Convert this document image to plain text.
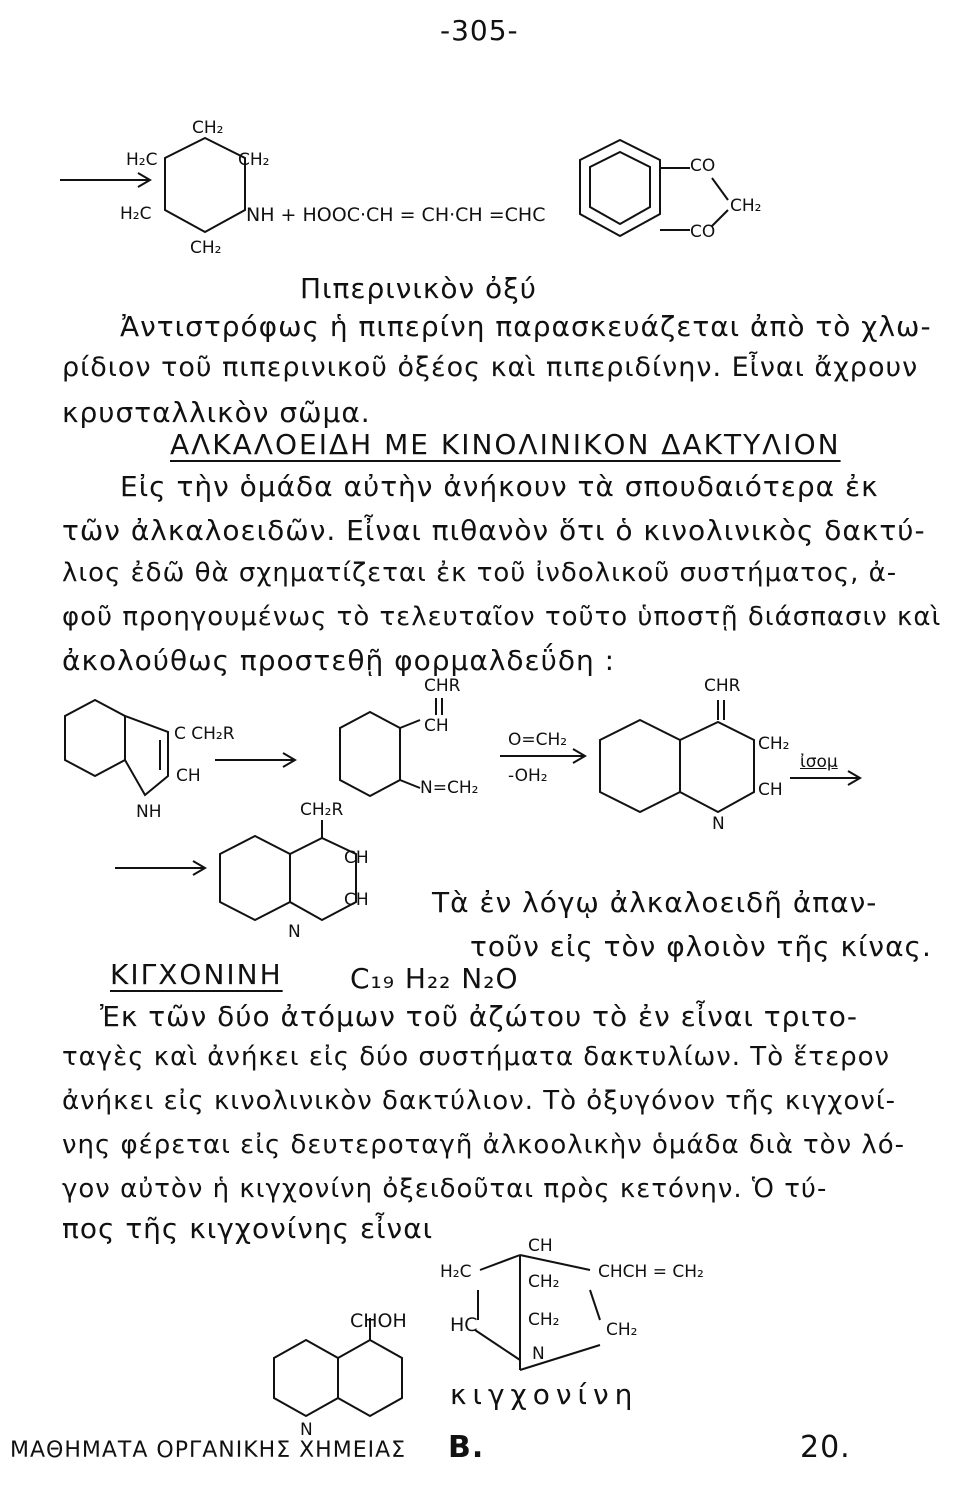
-305-
CH₂
H₂C	CH₂
H₂C
CH₂
NH + HOOC·CH = CH·CH =CHC
CO
CH₂
CO
Πιπερινικὸν ὀξύ
Ἀντιστρόφως ἡ πιπερίνη παρασκευάζεται ἀπὸ τὸ χλω-
ρίδιον τοῦ πιπερινικοῦ ὀξέος καὶ πιπεριδίνην. Εἶναι ἄχρουν
κρυσταλλικὸν σῶμα.
ΑΛΚΑΛΟΕΙΔΗ ΜΕ ΚΙΝΟΛΙΝΙΚΟΝ ΔΑΚΤΥΛΙΟΝ
Εἰς τὴν ὁμάδα αὐτὴν ἀνήκουν τὰ σπουδαιότερα ἐκ
τῶν ἀλκαλοειδῶν. Εἶναι πιθανὸν ὅτι ὁ κινολινικὸς δακτύ-
λιος ἐδῶ θὰ σχηματίζεται ἐκ τοῦ ἰνδολικοῦ συστήματος, ἀ-
φοῦ προηγουμένως τὸ τελευταῖον τοῦτο ὑποστῇ διάσπασιν καὶ
ἀκολούθως προστεθῇ φορμαλδεΰδη :
C CH₂R
CH
NH
CHR
CH
N=CH₂
O=CH₂
-OH₂
CHR
CH₂
CH
N
ἰσομ
CH₂R
CH
CH
N
Τὰ ἐν λόγῳ ἀλκαλοειδῆ ἀπαν-
τοῦν εἰς τὸν φλοιὸν τῆς κίνας.
ΚΙΓΧΟΝΙΝΗ C₁₉ H₂₂ N₂O
Ἐκ τῶν δύο ἀτόμων τοῦ ἀζώτου τὸ ἐν εἶναι τριτο-
ταγὲς καὶ ἀνήκει εἰς δύο συστήματα δακτυλίων. Τὸ ἕτερον
ἀνήκει εἰς κινολινικὸν δακτύλιον. Τὸ ὀξυγόνον τῆς κιγχονί-
νης φέρεται εἰς δευτεροταγῆ ἀλκοολικὴν ὁμάδα διὰ τὸν λό-
γον αὐτὸν ἡ κιγχονίνη ὀξειδοῦται πρὸς κετόνην. Ὁ τύ-
πος τῆς κιγχονίνης εἶναι
CH
H₂C	CH₂ CHCH = CH₂
CHOH HC	CH₂	CH₂
N
N
κιγχονίνη
ΜΑΘΗΜΑΤΑ ΟΡΓΑΝΙΚΗΣ ΧΗΜΕΙΑΣ Β.	20.
